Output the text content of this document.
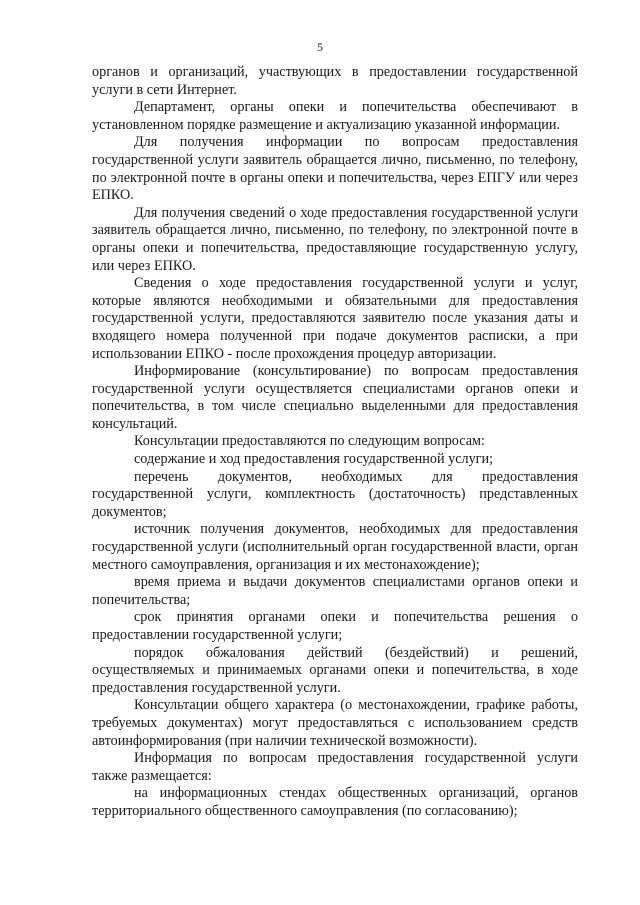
5

органов и организаций, участвующих в предоставлении государственной услуги в сети Интернет.

Департамент, органы опеки и попечительства обеспечивают в установленном порядке размещение и актуализацию указанной информации.

Для получения информации по вопросам предоставления государственной услуги заявитель обращается лично, письменно, по телефону, по электронной почте в органы опеки и попечительства, через ЕПГУ или через ЕПКО.

Для получения сведений о ходе предоставления государственной услуги заявитель обращается лично, письменно, по телефону, по электронной почте в органы опеки и попечительства, предоставляющие государственную услугу, или через ЕПКО.

Сведения о ходе предоставления государственной услуги и услуг, которые являются необходимыми и обязательными для предоставления государственной услуги, предоставляются заявителю после указания даты и входящего номера полученной при подаче документов расписки, а при использовании ЕПКО - после прохождения процедур авторизации.

Информирование (консультирование) по вопросам предоставления государственной услуги осуществляется специалистами органов опеки и попечительства, в том числе специально выделенными для предоставления консультаций.

Консультации предоставляются по следующим вопросам:

содержание и ход предоставления государственной услуги;

перечень документов, необходимых для предоставления государственной услуги, комплектность (достаточность) представленных документов;

источник получения документов, необходимых для предоставления государственной услуги (исполнительный орган государственной власти, орган местного самоуправления, организация и их местонахождение);

время приема и выдачи документов специалистами органов опеки и попечительства;

срок принятия органами опеки и попечительства решения о предоставлении государственной услуги;

порядок обжалования действий (бездействий) и решений, осуществляемых и принимаемых органами опеки и попечительства, в ходе предоставления государственной услуги.

Консультации общего характера (о местонахождении, графике работы, требуемых документах) могут предоставляться с использованием средств автоинформирования (при наличии технической возможности).

Информация по вопросам предоставления государственной услуги также размещается:

на информационных стендах общественных организаций, органов территориального общественного самоуправления (по согласованию);
